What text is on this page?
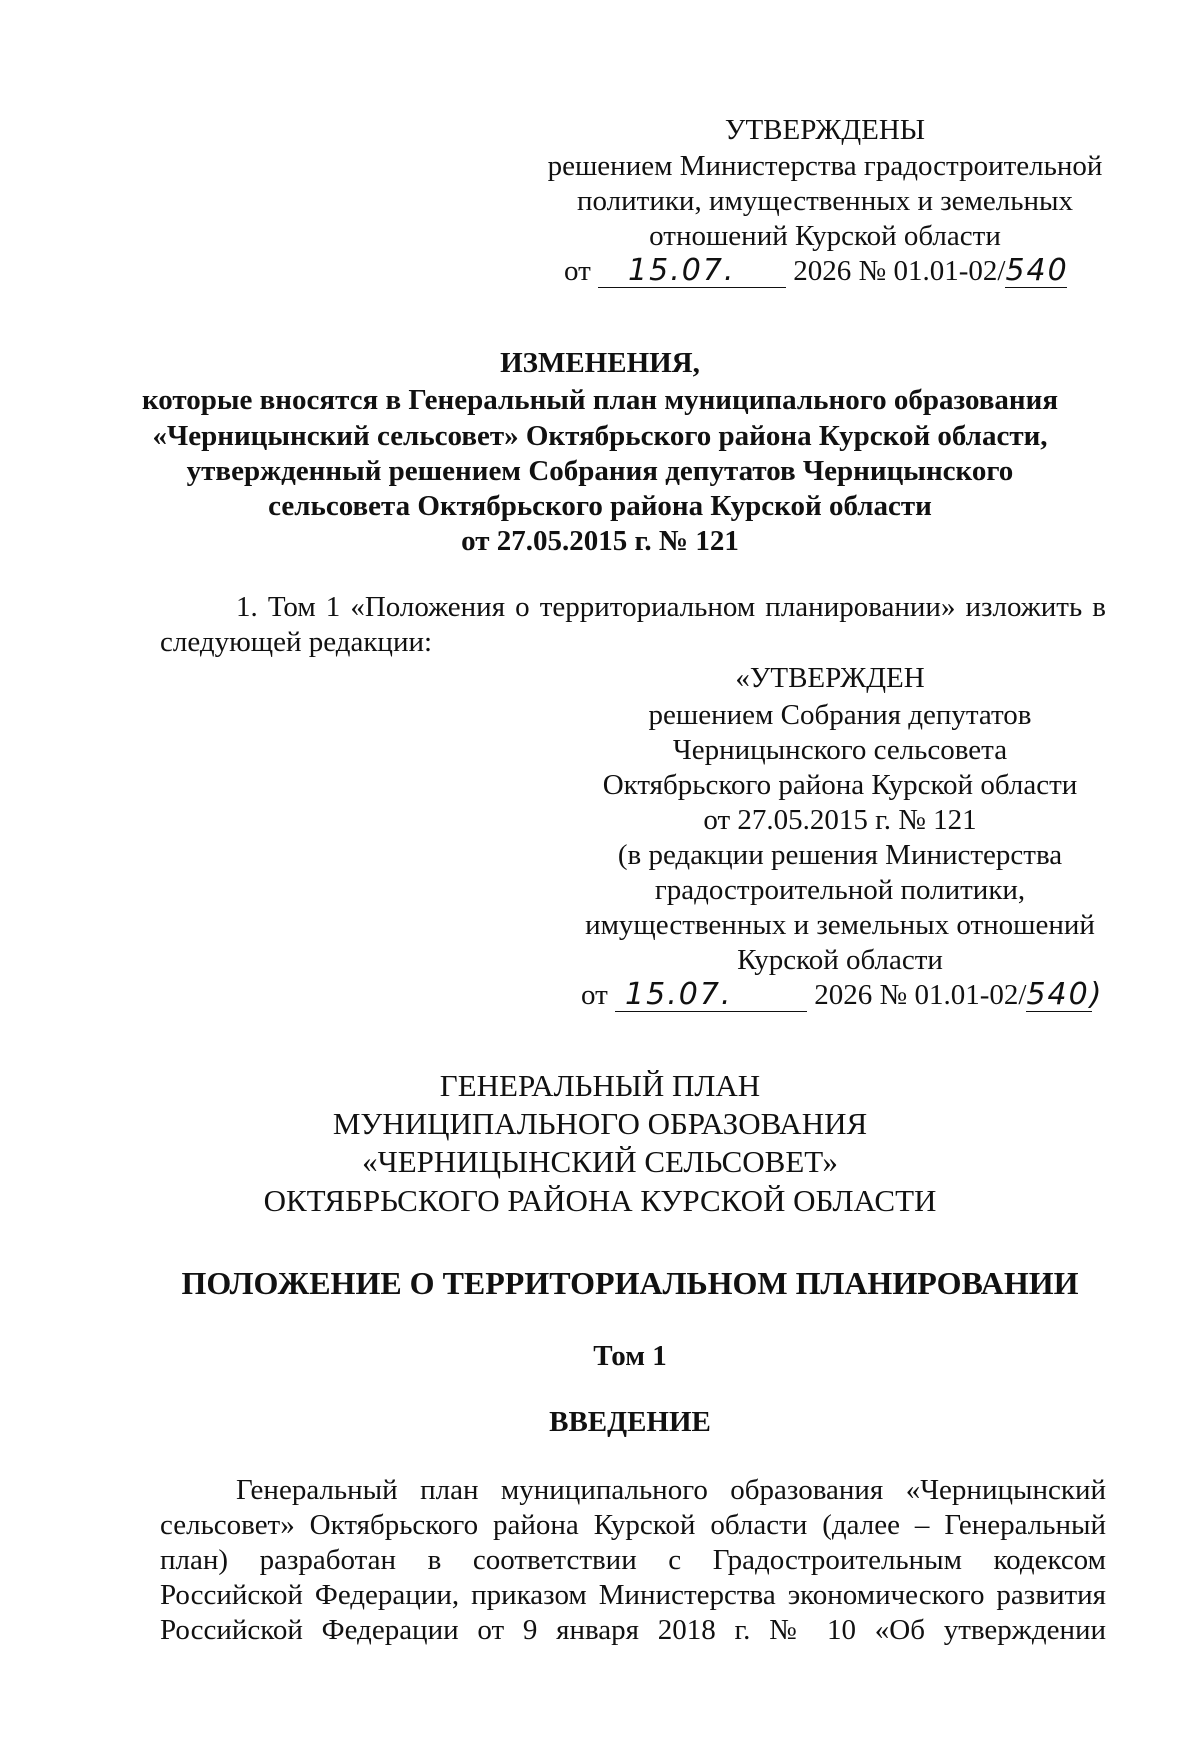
УТВЕРЖДЕНЫ
решением Министерства градостроительной
политики, имущественных и земельных
отношений Курской области
от 15.07. 2026 № 01.01-02/540
ИЗМЕНЕНИЯ,
которые вносятся в Генеральный план муниципального образования
«Черницынский сельсовет» Октябрьского района Курской области,
утвержденный решением Собрания депутатов Черницынского
сельсовета Октябрьского района Курской области
от 27.05.2015 г. № 121
1. Том 1 «Положения о территориальном планировании» изложить в
следующей редакции:
«УТВЕРЖДЕН
решением Собрания депутатов
Черницынского сельсовета
Октябрьского района Курской области
от 27.05.2015 г. № 121
(в редакции решения Министерства
градостроительной политики,
имущественных и земельных отношений
Курской области
от 15.07.	2026 № 01.01-02/540)
ГЕНЕРАЛЬНЫЙ ПЛАН
МУНИЦИПАЛЬНОГО ОБРАЗОВАНИЯ
«ЧЕРНИЦЫНСКИЙ СЕЛЬСОВЕТ»
ОКТЯБРЬСКОГО РАЙОНА КУРСКОЙ ОБЛАСТИ
ПОЛОЖЕНИЕ О ТЕРРИТОРИАЛЬНОМ ПЛАНИРОВАНИИ
Том 1
ВВЕДЕНИЕ
Генеральный план муниципального образования «Черницынский
сельсовет» Октябрьского района Курской области (далее – Генеральный
план) разработан в соответствии с Градостроительным кодексом
Российской Федерации, приказом Министерства экономического развития
Российской Федерации от 9 января 2018 г. № 10 «Об утверждении
